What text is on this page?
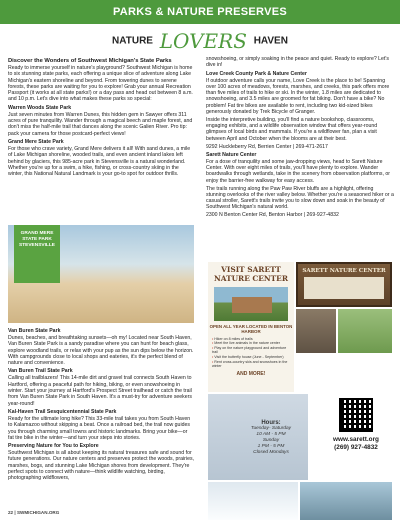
PARKS & NATURE PRESERVES
NATURE LOVERS HAVEN
Discover the Wonders of Southwest Michigan's State Parks

Ready to immerse yourself in nature's playground? Southwest Michigan is home to six stunning state parks, each offering a unique slice of adventure along Lake Michigan's eastern shoreline and beyond. From towering dunes to serene forests, these parks are waiting for you to explore! Grab your annual Recreation Passport (it works at all state parks!) or a day pass and head out between 8 a.m. and 10 p.m. Let's dive into what makes these parks so special:

Warren Woods State Park

Just seven minutes from Warren Dunes, this hidden gem in Sawyer offers 311 acres of pure tranquility. Wander through a magical beech and maple forest, and don't miss the half-mile trail that dances along the scenic Galien River. Pro tip: pack your camera for those postcard-perfect views!

Grand Mere State Park

For those who crave variety, Grand Mere delivers it all! With sand dunes, a mile of Lake Michigan shoreline, wooded trails, and even ancient inland lakes left behind by glaciers, this 985-acre park in Stevensville is a natural wonderland. Whether you're up for a swim, a hike, fishing, or cross-country skiing in the winter, this National Natural Landmark is your go-to spot for outdoor thrills.

GRAND MERE STATE PARK STEVENSVILLE
Van Buren State Park

Dunes, beaches, and breathtaking sunsets—oh my! Located near South Haven, Van Buren State Park is a sandy paradise where you can hunt for beach glass, explore woodland trails, or relax with your pup as the sun dips below the horizon. With campgrounds close to local shops and eateries, it's the perfect blend of nature and convenience.

Van Buren Trail State Park

Calling all trailblazers! This 14-mile dirt and gravel trail connects South Haven to Hartford, offering a peaceful path for hiking, biking, or even snowshoeing in winter. Start your journey at Hartford's Prospect Street trailhead or catch the trail from Van Buren State Park in South Haven. It's a must-try for adventure seekers year-round!

Kal-Haven Trail Sesquicentennial State Park

Ready for the ultimate long hike? This 33-mile trail takes you from South Haven to Kalamazoo without skipping a beat. Once a railroad bed, the trail now guides you through charming small towns and historic landmarks. Bring your bike—or fat tire bike in the winter—and turn your steps into stories.

Preserving Nature for You to Explore

Southwest Michigan is all about keeping its natural treasures safe and sound for future generations. Our nature centers and preserves protect the woods, prairies, marshes, bogs, and stunning Lake Michigan shores from development. They're perfect spots to connect with nature—think wildlife watching, birding, photographing wildflowers,

snowshoeing, or simply soaking in the peace and quiet. Ready to explore? Let's dive in!

Love Creek County Park & Nature Center

If outdoor adventure calls your name, Love Creek is the place to be! Spanning over 100 acres of meadows, forests, marshes, and creeks, this park offers more than five miles of trails to hike or ski. In the winter, 1.8 miles are dedicated to snowshoeing, and 3.5 miles are groomed for fat biking. Don't have a bike? No problem! Fat tire bikes are available to rent, including two kid-sized bikes generously donated by Trek Bicycle of Granger.

Inside the interpretive building, you'll find a nature bookshop, classrooms, engaging exhibits, and a wildlife observation window that offers year-round glimpses of local birds and mammals. If you're a wildflower fan, plan a visit between April and October when the blooms are at their best.

9292 Huckleberry Rd, Berrien Center | 269-471-2617

Sarett Nature Center

For a dose of tranquility and some jaw-dropping views, head to Sarett Nature Center. With over eight miles of trails, you'll have plenty to explore. Wander boardwalks through wetlands, take in the scenery from observation platforms, or enjoy the barrier-free walkway for easy access.

The trails running along the Paw Paw River bluffs are a highlight, offering stunning overlooks of the river valley below. Whether you're a seasoned hiker or a casual stroller, Sarett's trails invite you to slow down and soak in the beauty of Southwest Michigan's natural world.

2300 N Benton Center Rd, Benton Harbor | 269-927-4832

VISIT SARETT NATURE CENTER
OPEN ALL YEAR LOCATED IN BENTON HARBOR
• Hiker on 8 miles of trails
• Meet the live animals in the nature center
• Play on the nature playground and adventure trail
• Visit the butterfly house (June - September)
• Rent cross-country skis and snowshoes in the winter
AND MORE!
SARETT NATURE CENTER
Hours:
Tuesday- Saturday
10 AM - 5 PM
Sunday
1 PM - 5 PM
Closed Mondays
www.sarett.org
(269) 927-4832
22 | SWMICHIGAN.ORG
